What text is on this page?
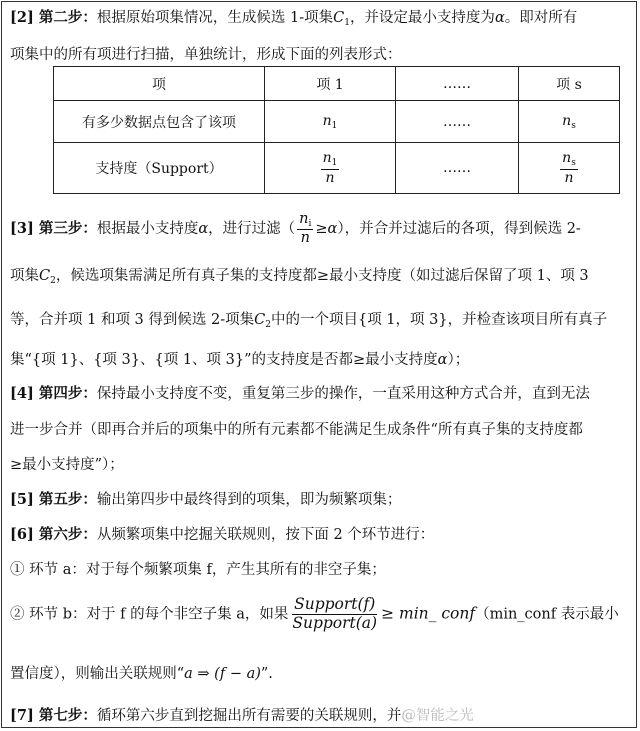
[2] 第二步：根据原始项集情况，生成候选 1-项集$C_1$，并设定最小支持度为α。即对所有
项集中的所有项进行扫描，单独统计，形成下面的列表形式：
[3] 第三步：根据最小支持度α，进行过滤（ $\frac{n_i}{n} \ge\alpha$），并合并过滤后的各项，得到候选 2-
项集$C_2$，候选项集需满足所有真子集的支持度都≥最小支持度（如过滤后保留了项 1、项 3
等，合并项 1 和项 3 得到候选 2-项集$C_2$中的一个项目{项 1，项 3}，并检查该项目所有真子
集“{项 1}、{项 3}、{项 1、项 3}”的支持度是否都≥最小支持度α）；
[4] 第四步：保持最小支持度不变，重复第三步的操作，一直采用这种方式合并，直到无法
进一步合并（即再合并后的项集中的所有元素都不能满足生成条件“所有真子集的支持度都
≥最小支持度”）；
[5] 第五步：输出第四步中最终得到的项集，即为频繁项集；
[6] 第六步：从频繁项集中挖掘关联规则，按下面 2 个环节进行：
① 环节 a：对于每个频繁项集 f，产生其所有的非空子集；
② 环节 b：对于 f 的每个非空子集 a，如果 $\frac{\text{Support(f)}}{\text{Support(a)}}$ ≥ min_ conf（min_conf 表示最小
置信度），则输出关联规则“a ⇒ (f − a)”.
[7] 第七步：循环第六步直到挖掘出所有需要的关联规则，并@智能之光
项	项 1	……	项 s
有多少数据点包含了该项	$n_1$	……	$n_s$
支持度（Support）	$\frac{n_1}{n}$	……	$\frac{n_s}{n}$
